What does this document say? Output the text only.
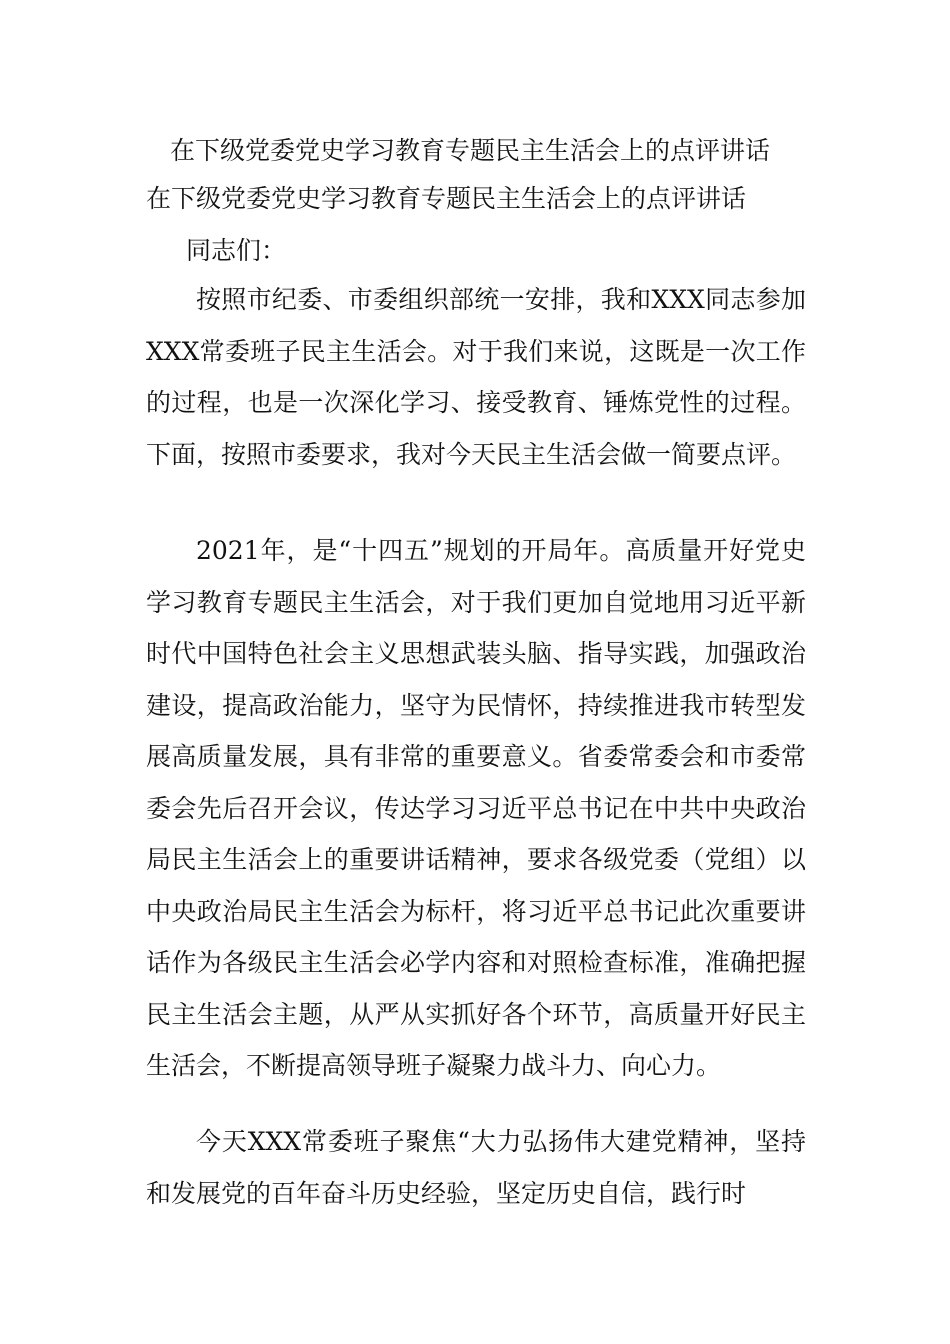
在下级党委党史学习教育专题民主生活会上的点评讲话
在下级党委党史学习教育专题民主生活会上的点评讲话

同志们：

按照市纪委、市委组织部统一安排，我和XXX同志参加XXX常委班子民主生活会。对于我们来说，这既是一次工作的过程，也是一次深化学习、接受教育、锤炼党性的过程。下面，按照市委要求，我对今天民主生活会做一简要点评。

2021年，是“十四五”规划的开局年。高质量开好党史学习教育专题民主生活会，对于我们更加自觉地用习近平新时代中国特色社会主义思想武装头脑、指导实践，加强政治建设，提高政治能力，坚守为民情怀，持续推进我市转型发展高质量发展，具有非常的重要意义。省委常委会和市委常委会先后召开会议，传达学习习近平总书记在中共中央政治局民主生活会上的重要讲话精神，要求各级党委（党组）以中央政治局民主生活会为标杆，将习近平总书记此次重要讲话作为各级民主生活会必学内容和对照检查标准，准确把握民主生活会主题，从严从实抓好各个环节，高质量开好民主生活会，不断提高领导班子凝聚力战斗力、向心力。

今天XXX常委班子聚焦“大力弘扬伟大建党精神，坚持和发展党的百年奋斗历史经验，坚定历史自信，践行时
